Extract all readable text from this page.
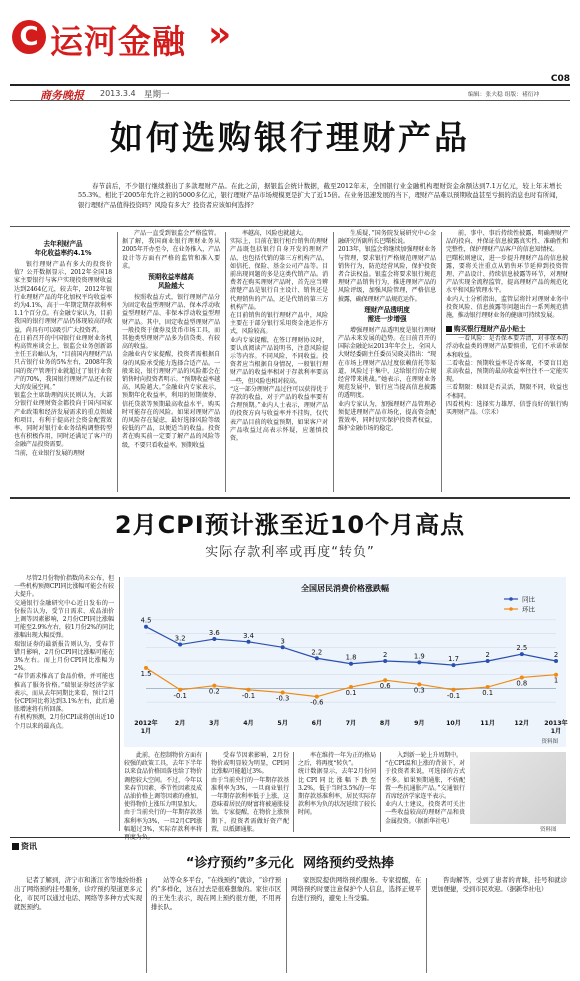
C 运河金融 »
C08
商务晚报 2013.3.4 星期一	编辑：张夫稳 组版：褚衍冲
如何选购银行理财产品
春节前后，不少银行继续推出了多款理财产品。在此之前，据银监会统计数据，截至2012年末，全国银行业金融机构理财资金余额达到7.1万亿元，较上年末增长55.3%。相比于2005年允许之初的5000多亿元，银行理财产品市场规模更是扩大了近15倍。在业务迅速发展的当下，理财产品难以预期收益甚至亏损的消息也时有所闻，银行理财产品值得投资吗？风险有多大？投资者应该如何选择？
去年利财产品
年化收益率约4.1%

银行理财产品有多大的投资价值？公开数据显示，2012年全国18家主要银行与客户实现投资理财收益达到2464亿元，较去年，2012年银行业理财产品的年化加权平均收益率约为4.1%，高于一年期定期存款利率1.1个百分点。有金融专家认为，目前我国的银行理财产品仍体现较高的收益，尚具有可以吸引广大投资者。
在日前召开的中国银行业理财业务机构高管座谈会上，银监会业务创新部主任王岩岫认为，“目前国内理财产品只占银行业务的5%左右，2008年我国的资产管理行业就超过了银行业资产的70%，我国银行理财产品还有较大的发展空间。”
银监会主席助理阎庆民则认为，大部分银行业理财资金都投向于国内国家产业政策和经济发展需求的重点领域和项目，有利于提高社会资金配置效率，同时对银行业业务结构调整转型也有积极作用，同时还满足了客户的金融产品投资需要。
当前，在业银行发展的理财

产品一直受到银监会严格监管。据了解，我国商业银行理财业务从2005年开办至今，在业务推入，产品设计等方面有严格的监管和准入要求。

预期收益率越高
风险越大

按照收益方式，银行理财产品分为固定收益型理财产品、保本浮动收益型理财产品、非保本浮动收益型理财产品。其中，固定收益型理财产品一般投资于债券及货币市场工具，而其他类型理财产品多为信贷类、有较高的收益。
金融业内专家提醒，投资者需根据自身的风险承受能力选择合适产品。一般来说，银行理财产品的风险都会在销售时向投资者明示。“预期收益率越高，风险越大。”金融业内专家表示，预期年化收益率，利用的短期债券、信托贷款等预期最高收益水平，购买时可能存在的风险。如果对理财产品的风险存在疑虑，最好选择风险等级较低的产品，以便适当的收益。投资者在购买前一定要了解产品的风险等级，不要只看收益率。预期收益

率越高，风险也就越大。
实际上，目前在银行柜台销售的理财产品既包括银行自身开发的理财产品，也包括代销的第三方机构产品，如信托、保险、基金公司产品等。目前出现问题的多是这类代销产品。消费者在购买理财产品时，首先应当辨清楚产品是银行自主设计、销售还是代理销售的产品，还是代销的第三方机构产品。
在目前销售的银行理财产品中，风险主要在于部分银行采用资金池运作方式，风险较高。
业内专家提醒，在签订理财协议时，要认真阅读产品说明书，注意风险提示等内容。不同风险，不同收益。投资者应当根据自身情况，一般银行理财产品的收益率相对于存款利率要高一些，但风险也相对较高。
“这一部分理财产品过往可以获得优于存款的收益，对于产品的收益率要有合理预期。”业内人士表示，理财产品的投资方向与收益率并不挂钩，仅代表产品目前的收益预期，如果客户对产品收益过高表示怀疑，应谨慎投资。

生质疑，”国务院发展研究中心金融研究所副所长巴曙松说。
2013年，银监会将继续加强理财业务与管理，要求银行严格规范理财产品销售行为，防范经营风险，保护投资者合法权益。银监会将要求银行规范理财产品销售行为，推进理财产品的风险评级，加强风险管理，严格信息披露，确保理财产品规范运作。

理财产品透明度
需进一步增强

增强理财产品透明度是银行理财产品未来发展的趋势。在日前召开的国际金融论坛2013年年会上，全国人大财经委副主任委员吴晓灵指出：“现在市场上理财产品过度依赖信托等渠道，风险过于集中，这给银行的合规经营带来挑战。”她表示，在理财业务规范发展中，银行应当提高信息披露的透明度。
业内专家认为，加强理财产品管理必须促进理财产品市场化，提高资金配置效率，同时切实保护投资者权益，维护金融市场的稳定。

前，事中、事后持续性披露，明确理财产品的投向、并保证信息披露真实性、准确性和完整性，保护理财产品客户的信息知情权。
巴曙松则建议，进一步提升理财产品的信息披露，要将关注重点从销售环节延伸到投资管理、产品设计、持续信息披露等环节，对理财产品实现全流程监管，提高理财产品的规范化水平和风险管理水平。
业内人士分析指出，监管层将针对理财业务中投资风险、信息披露等问题出台一系列规范措施，推动银行理财业务的健康可持续发展。

购买银行理财产品小贴士

一看风险：是否保本要弄清，对非保本的浮动收益类的理财产品要慎重，它们不承诺保本和收益。
二看收益：预期收益率是否客观，不要盲目追求高收益，预期的最高收益率往往不一定能实现。
三看期限：赎回是否灵活，期限不同，收益也不相同。
四看机构：选择实力雄厚、信誉良好的银行购买理财产品。（宗禾）

2月CPI预计涨至近10个月高点
实际存款利率或再度“转负”

尽管2月份物价指数尚未公布，但一些机构预测CPI同比涨幅可能会有较大提升。
交通银行金融研究中心近日发布的一份报告认为，受节日需求、成品油价上调等因素影响，2月份CPI同比涨幅可能至2.9%左右，较1月份2%的同比涨幅出现大幅反弹。
瑞银证券的最新报告则认为，受春节错月影响，2月份CPI同比涨幅可能在3%左右。而上月份CPI同比涨幅为2%。
“春节需求推高了食品价格，并可能也推高了服务价格。”瑞银证券经济学家表示，而从去年同期比来看，预计2月份CPI同比将达到3.1%左右，此后通胀增速将有所回落。
有机构预测，2月份CPI或将创出近10个月以来的最高点。

全国居民消费价格涨跌幅
同比
环比
4.5
3.2
3.6	3.4
3
2.2
1.8	2	1.9	1.7
2
2.5
2
1.5
-0.1
0.2
-0.1	-0.3
-0.6
0.1
0.6
0.3
-0.1	0.1
0.8	1
2012年
1月
2月	3月	4月	5月	6月	7月	8月	9月	10月	11月	12月 2013年
1月
资料图

此前，在控制物价方面有较强的政策工具，去年下半年以来食品价格回落也给了物价调控较大空间。不过，今年以来春节因素、季节性因素及成品油价格上调等因素的叠加，使得物价上涨压力明显加大。
由于当前央行的一年期存款基准利率为3%，一旦2月CPI涨幅超过3%，实际存款利率将

受春节因素影响，2月份物价或明显较为明显，CPI同比涨幅可能超过3%。
由于当前央行的一年期存款基准利率为3%，一旦商业银行一年期存款利率低于上涨，这意味着居民的财富将被通胀侵蚀。专家提醒，在物价上涨预期下，投资者需做好资产配置，以抵御通胀。

率在维持一年为正的格局之后，将再度“转负”。
统计数据显示，去年2月份同比CPI同比涨幅下跌至3.2%，低于当时3.5%的一年期存款基准利率，居民实际存款利率为负的状况延续了较长时间。

入到新一轮上升周期中。
“在CPI温和上涨的背景下，对于投资者来说，可选择的方式不多。如果预期通胀，不妨配置一些抗通胀产品。”交通银行首席经济学家连平表示。
业内人士建议，投资者可关注一些收益较高的理财产品和贵金属投资。（据新华社电）

资料图
资讯
“诊疗预约”多元化  网络预约受热捧

记者了解到，济宁市和浙江省等地纷纷推出了网络预约挂号服务，诊疗预约渠道更多元化，市民可以通过电话、网络等多种方式实现就医预约。

站等众多平台，“在线预约”就诊，“诊疗预约”多样化，这在过去是很难想象的。家住市区的王先生表示，现在网上预约很方便，不用再排长队。

家医院提供网络预约服务。专家提醒，在网络预约时要注意保护个人信息，选择正规平台进行预约，避免上当受骗。

咨询解答，受到了患者的青睐，挂号和就诊更加便捷，受到市民欢迎。（据新华社电）
